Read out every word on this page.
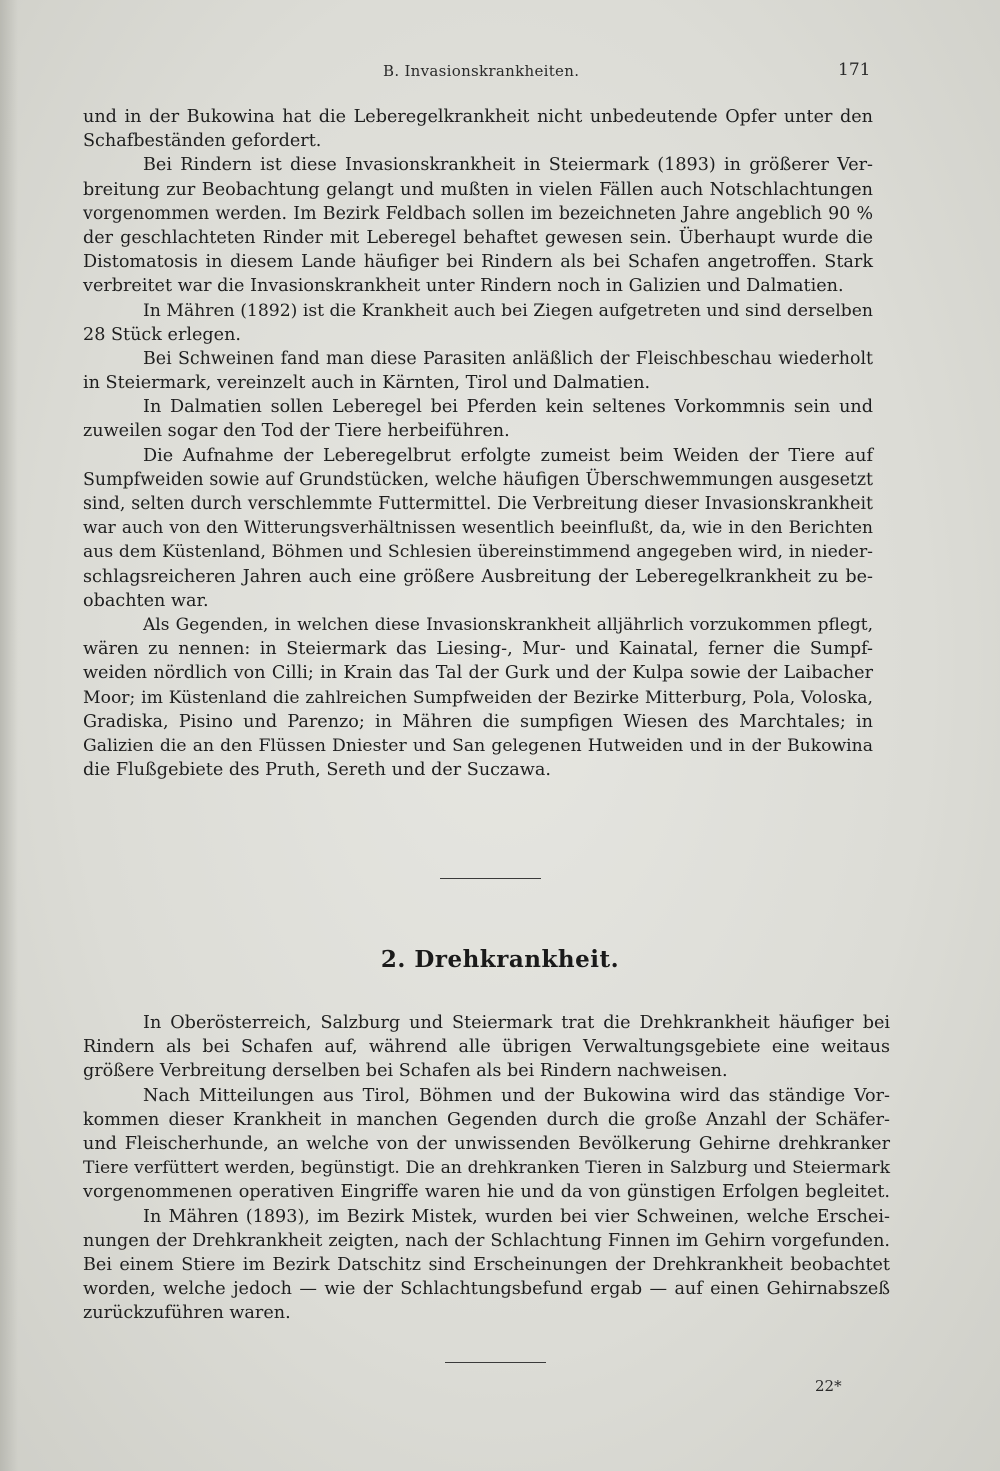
B. Invasionskrankheiten.	171
und in der Bukowina hat die Leberegelkrankheit nicht unbedeutende Opfer unter den
Schafbeständen gefordert.
Bei Rindern ist diese Invasionskrankheit in Steiermark (1893) in größerer Ver-
breitung zur Beobachtung gelangt und mußten in vielen Fällen auch Notschlachtungen
vorgenommen werden. Im Bezirk Feldbach sollen im bezeichneten Jahre angeblich 90 %
der geschlachteten Rinder mit Leberegel behaftet gewesen sein. Überhaupt wurde die
Distomatosis in diesem Lande häufiger bei Rindern als bei Schafen angetroffen. Stark
verbreitet war die Invasionskrankheit unter Rindern noch in Galizien und Dalmatien.
In Mähren (1892) ist die Krankheit auch bei Ziegen aufgetreten und sind derselben
28 Stück erlegen.
Bei Schweinen fand man diese Parasiten anläßlich der Fleischbeschau wiederholt
in Steiermark, vereinzelt auch in Kärnten, Tirol und Dalmatien.
In Dalmatien sollen Leberegel bei Pferden kein seltenes Vorkommnis sein und
zuweilen sogar den Tod der Tiere herbeiführen.
Die Aufnahme der Leberegelbrut erfolgte zumeist beim Weiden der Tiere auf
Sumpfweiden sowie auf Grundstücken, welche häufigen Überschwemmungen ausgesetzt
sind, selten durch verschlemmte Futtermittel. Die Verbreitung dieser Invasionskrankheit
war auch von den Witterungsverhältnissen wesentlich beeinflußt, da, wie in den Berichten
aus dem Küstenland, Böhmen und Schlesien übereinstimmend angegeben wird, in nieder-
schlagsreicheren Jahren auch eine größere Ausbreitung der Leberegelkrankheit zu be-
obachten war.
Als Gegenden, in welchen diese Invasionskrankheit alljährlich vorzukommen pflegt,
wären zu nennen: in Steiermark das Liesing-, Mur- und Kainatal, ferner die Sumpf-
weiden nördlich von Cilli; in Krain das Tal der Gurk und der Kulpa sowie der Laibacher
Moor; im Küstenland die zahlreichen Sumpfweiden der Bezirke Mitterburg, Pola, Voloska,
Gradiska, Pisino und Parenzo; in Mähren die sumpfigen Wiesen des Marchtales; in
Galizien die an den Flüssen Dniester und San gelegenen Hutweiden und in der Bukowina
die Flußgebiete des Pruth, Sereth und der Suczawa.
2. Drehkrankheit.
In Oberösterreich, Salzburg und Steiermark trat die Drehkrankheit häufiger bei
Rindern als bei Schafen auf, während alle übrigen Verwaltungsgebiete eine weitaus
größere Verbreitung derselben bei Schafen als bei Rindern nachweisen.
Nach Mitteilungen aus Tirol, Böhmen und der Bukowina wird das ständige Vor-
kommen dieser Krankheit in manchen Gegenden durch die große Anzahl der Schäfer-
und Fleischerhunde, an welche von der unwissenden Bevölkerung Gehirne drehkranker
Tiere verfüttert werden, begünstigt. Die an drehkranken Tieren in Salzburg und Steiermark
vorgenommenen operativen Eingriffe waren hie und da von günstigen Erfolgen begleitet.
In Mähren (1893), im Bezirk Mistek, wurden bei vier Schweinen, welche Erschei-
nungen der Drehkrankheit zeigten, nach der Schlachtung Finnen im Gehirn vorgefunden.
Bei einem Stiere im Bezirk Datschitz sind Erscheinungen der Drehkrankheit beobachtet
worden, welche jedoch — wie der Schlachtungsbefund ergab — auf einen Gehirnabszeß
zurückzuführen waren.
22*
